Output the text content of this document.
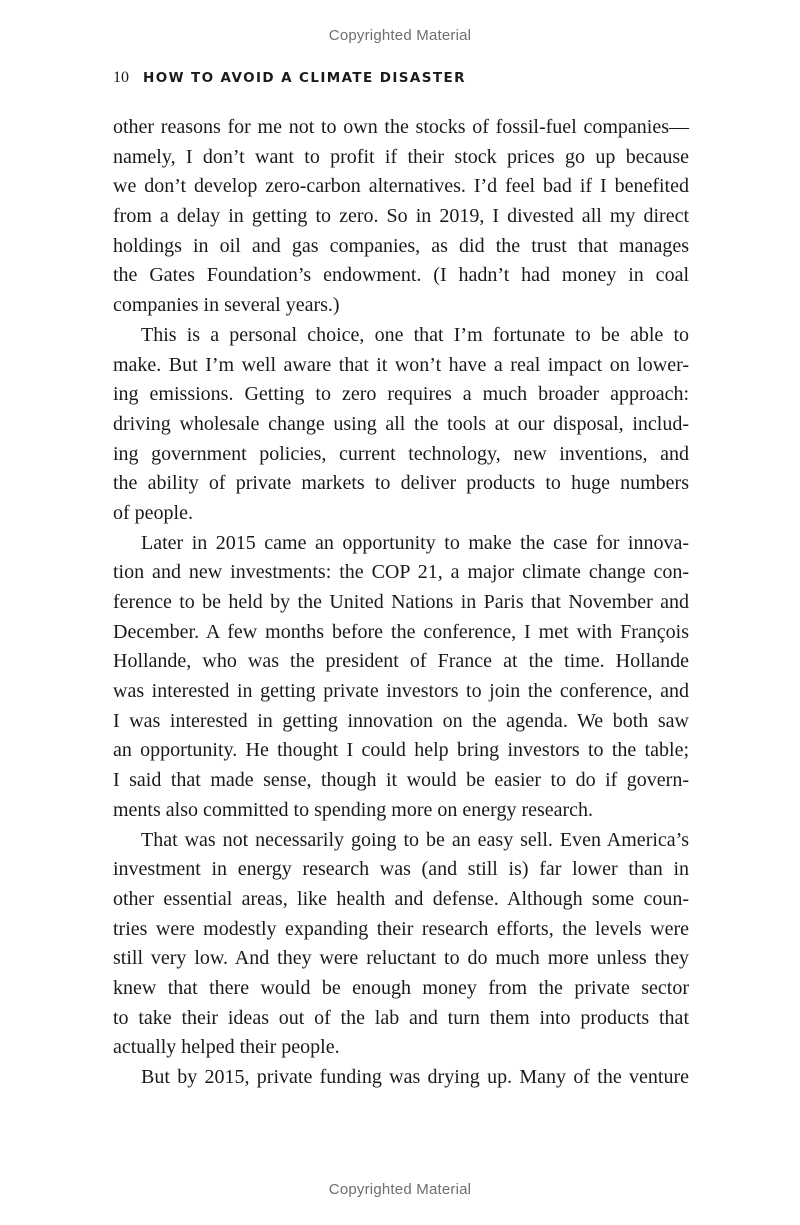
Copyrighted Material
10 HOW TO AVOID A CLIMATE DISASTER
other reasons for me not to own the stocks of fossil-fuel companies—
namely, I don’t want to profit if their stock prices go up because
we don’t develop zero-carbon alternatives. I’d feel bad if I benefited
from a delay in getting to zero. So in 2019, I divested all my direct
holdings in oil and gas companies, as did the trust that manages
the Gates Foundation’s endowment. (I hadn’t had money in coal
companies in several years.)
This is a personal choice, one that I’m fortunate to be able to
make. But I’m well aware that it won’t have a real impact on lower-
ing emissions. Getting to zero requires a much broader approach:
driving wholesale change using all the tools at our disposal, includ-
ing government policies, current technology, new inventions, and
the ability of private markets to deliver products to huge numbers
of people.
Later in 2015 came an opportunity to make the case for innova-
tion and new investments: the COP 21, a major climate change con-
ference to be held by the United Nations in Paris that November and
December. A few months before the conference, I met with François
Hollande, who was the president of France at the time. Hollande
was interested in getting private investors to join the conference, and
I was interested in getting innovation on the agenda. We both saw
an opportunity. He thought I could help bring investors to the table;
I said that made sense, though it would be easier to do if govern-
ments also committed to spending more on energy research.
That was not necessarily going to be an easy sell. Even America’s
investment in energy research was (and still is) far lower than in
other essential areas, like health and defense. Although some coun-
tries were modestly expanding their research efforts, the levels were
still very low. And they were reluctant to do much more unless they
knew that there would be enough money from the private sector
to take their ideas out of the lab and turn them into products that
actually helped their people.
But by 2015, private funding was drying up. Many of the venture
Copyrighted Material
